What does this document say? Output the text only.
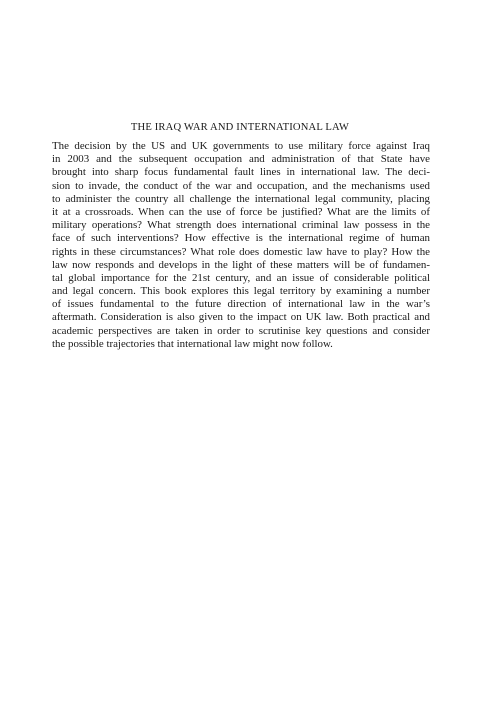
THE IRAQ WAR AND INTERNATIONAL LAW
The decision by the US and UK governments to use military force against Iraq
in 2003 and the subsequent occupation and administration of that State have
brought into sharp focus fundamental fault lines in international law. The deci-
sion to invade, the conduct of the war and occupation, and the mechanisms used
to administer the country all challenge the international legal community, placing
it at a crossroads. When can the use of force be justified? What are the limits of
military operations? What strength does international criminal law possess in the
face of such interventions? How effective is the international regime of human
rights in these circumstances? What role does domestic law have to play? How the
law now responds and develops in the light of these matters will be of fundamen-
tal global importance for the 21st century, and an issue of considerable political
and legal concern. This book explores this legal territory by examining a number
of issues fundamental to the future direction of international law in the war’s
aftermath. Consideration is also given to the impact on UK law. Both practical and
academic perspectives are taken in order to scrutinise key questions and consider
the possible trajectories that international law might now follow.
